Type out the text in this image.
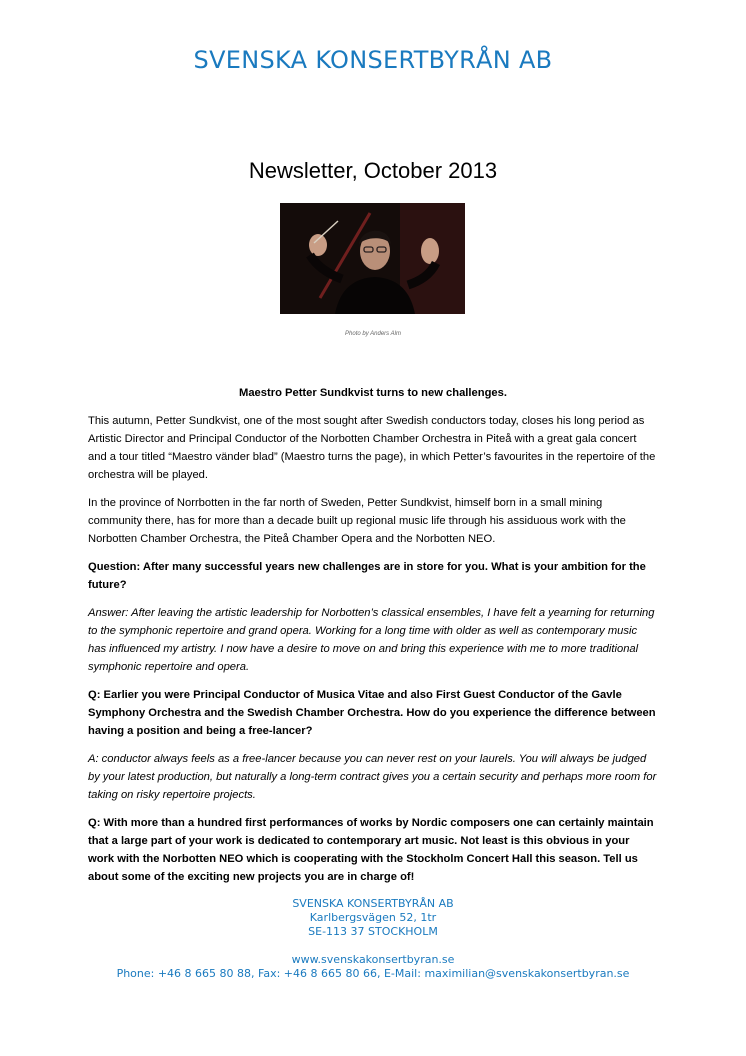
SVENSKA KONSERTBYRÅN AB
Newsletter, October 2013
Photo by Anders Alm

Maestro Petter Sundkvist turns to new challenges.

This autumn, Petter Sundkvist, one of the most sought after Swedish conductors today, closes his long period as Artistic Director and Principal Conductor of the Norbotten Chamber Orchestra in Piteå with a great gala concert and a tour titled “Maestro vänder blad” (Maestro turns the page), in which Petter’s favourites in the repertoire of the orchestra will be played.

In the province of Norrbotten in the far north of Sweden, Petter Sundkvist, himself born in a small mining community there, has for more than a decade built up regional music life through his assiduous work with the Norbotten Chamber Orchestra, the Piteå Chamber Opera and the Norbotten NEO.

Question: After many successful years new challenges are in store for you. What is your ambition for the future?

Answer: After leaving the artistic leadership for Norbotten’s classical ensembles, I have felt a yearning for returning to the symphonic repertoire and grand opera. Working for a long time with older as well as contemporary music has influenced my artistry. I now have a desire to move on and bring this experience with me to more traditional symphonic repertoire and opera.

Q: Earlier you were Principal Conductor of Musica Vitae and also First Guest Conductor of the Gavle Symphony Orchestra and the Swedish Chamber Orchestra. How do you experience the difference between having a position and being a free-lancer?

A: conductor always feels as a free-lancer because you can never rest on your laurels. You will always be judged by your latest production, but naturally a long-term contract gives you a certain security and perhaps more room for taking on risky repertoire projects.

Q: With more than a hundred first performances of works by Nordic composers one can certainly maintain that a large part of your work is dedicated to contemporary art music. Not least is this obvious in your work with the Norbotten NEO which is cooperating with the Stockholm Concert Hall this season. Tell us about some of the exciting new projects you are in charge of!

SVENSKA KONSERTBYRÅN AB
Karlbergsvägen 52, 1tr
SE-113 37 STOCKHOLM
www.svenskakonsertbyran.se
Phone: +46 8 665 80 88, Fax: +46 8 665 80 66, E-Mail: maximilian@svenskakonsertbyran.se
